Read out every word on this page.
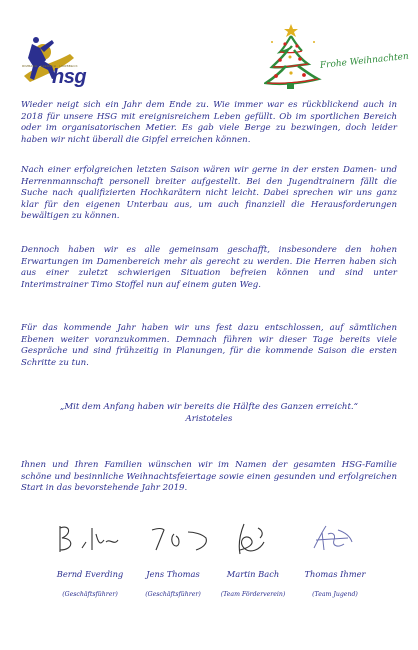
RIMBACH · ELENSCH · HORBBECK
hsg
Frohe Weihnachten
Wieder neigt sich ein Jahr dem Ende zu. Wie immer war es rückblickend auch in 2018 für unsere HSG mit ereignisreichem Leben gefüllt. Ob im sportlichen Bereich oder im organisatorischen Metier. Es gab viele Berge zu bezwingen, doch leider haben wir nicht überall die Gipfel erreichen können.
Nach einer erfolgreichen letzten Saison wären wir gerne in der ersten Damen- und Herrenmannschaft personell breiter aufgestellt. Bei den Jugendtrainern fällt die Suche nach qualifizierten Hochkarätern nicht leicht. Dabei sprechen wir uns ganz klar für den eigenen Unterbau aus, um auch finanziell die Herausforderungen bewältigen zu können.
Dennoch haben wir es alle gemeinsam geschafft, insbesondere den hohen Erwartungen im Damenbereich mehr als gerecht zu werden. Die Herren haben sich aus einer zuletzt schwierigen Situation befreien können und sind unter Interimstrainer Timo Stoffel nun auf einem guten Weg.
Für das kommende Jahr haben wir uns fest dazu entschlossen, auf sämtlichen Ebenen weiter voranzukommen. Demnach führen wir dieser Tage bereits viele Gespräche und sind frühzeitig in Planungen, für die kommende Saison die ersten Schritte zu tun.
„Mit dem Anfang haben wir bereits die Hälfte des Ganzen erreicht.“
Aristoteles
Ihnen und Ihren Familien wünschen wir im Namen der gesamten HSG-Familie schöne und besinnliche Weihnachtsfeiertage sowie einen gesunden und erfolgreichen Start in das bevorstehende Jahr 2019.
Bernd Everding	Jens Thomas	Martin Bach	Thomas Ihmer
(Geschäftsführer)	(Geschäftsführer)	(Team Förderverein)	(Team Jugend)
